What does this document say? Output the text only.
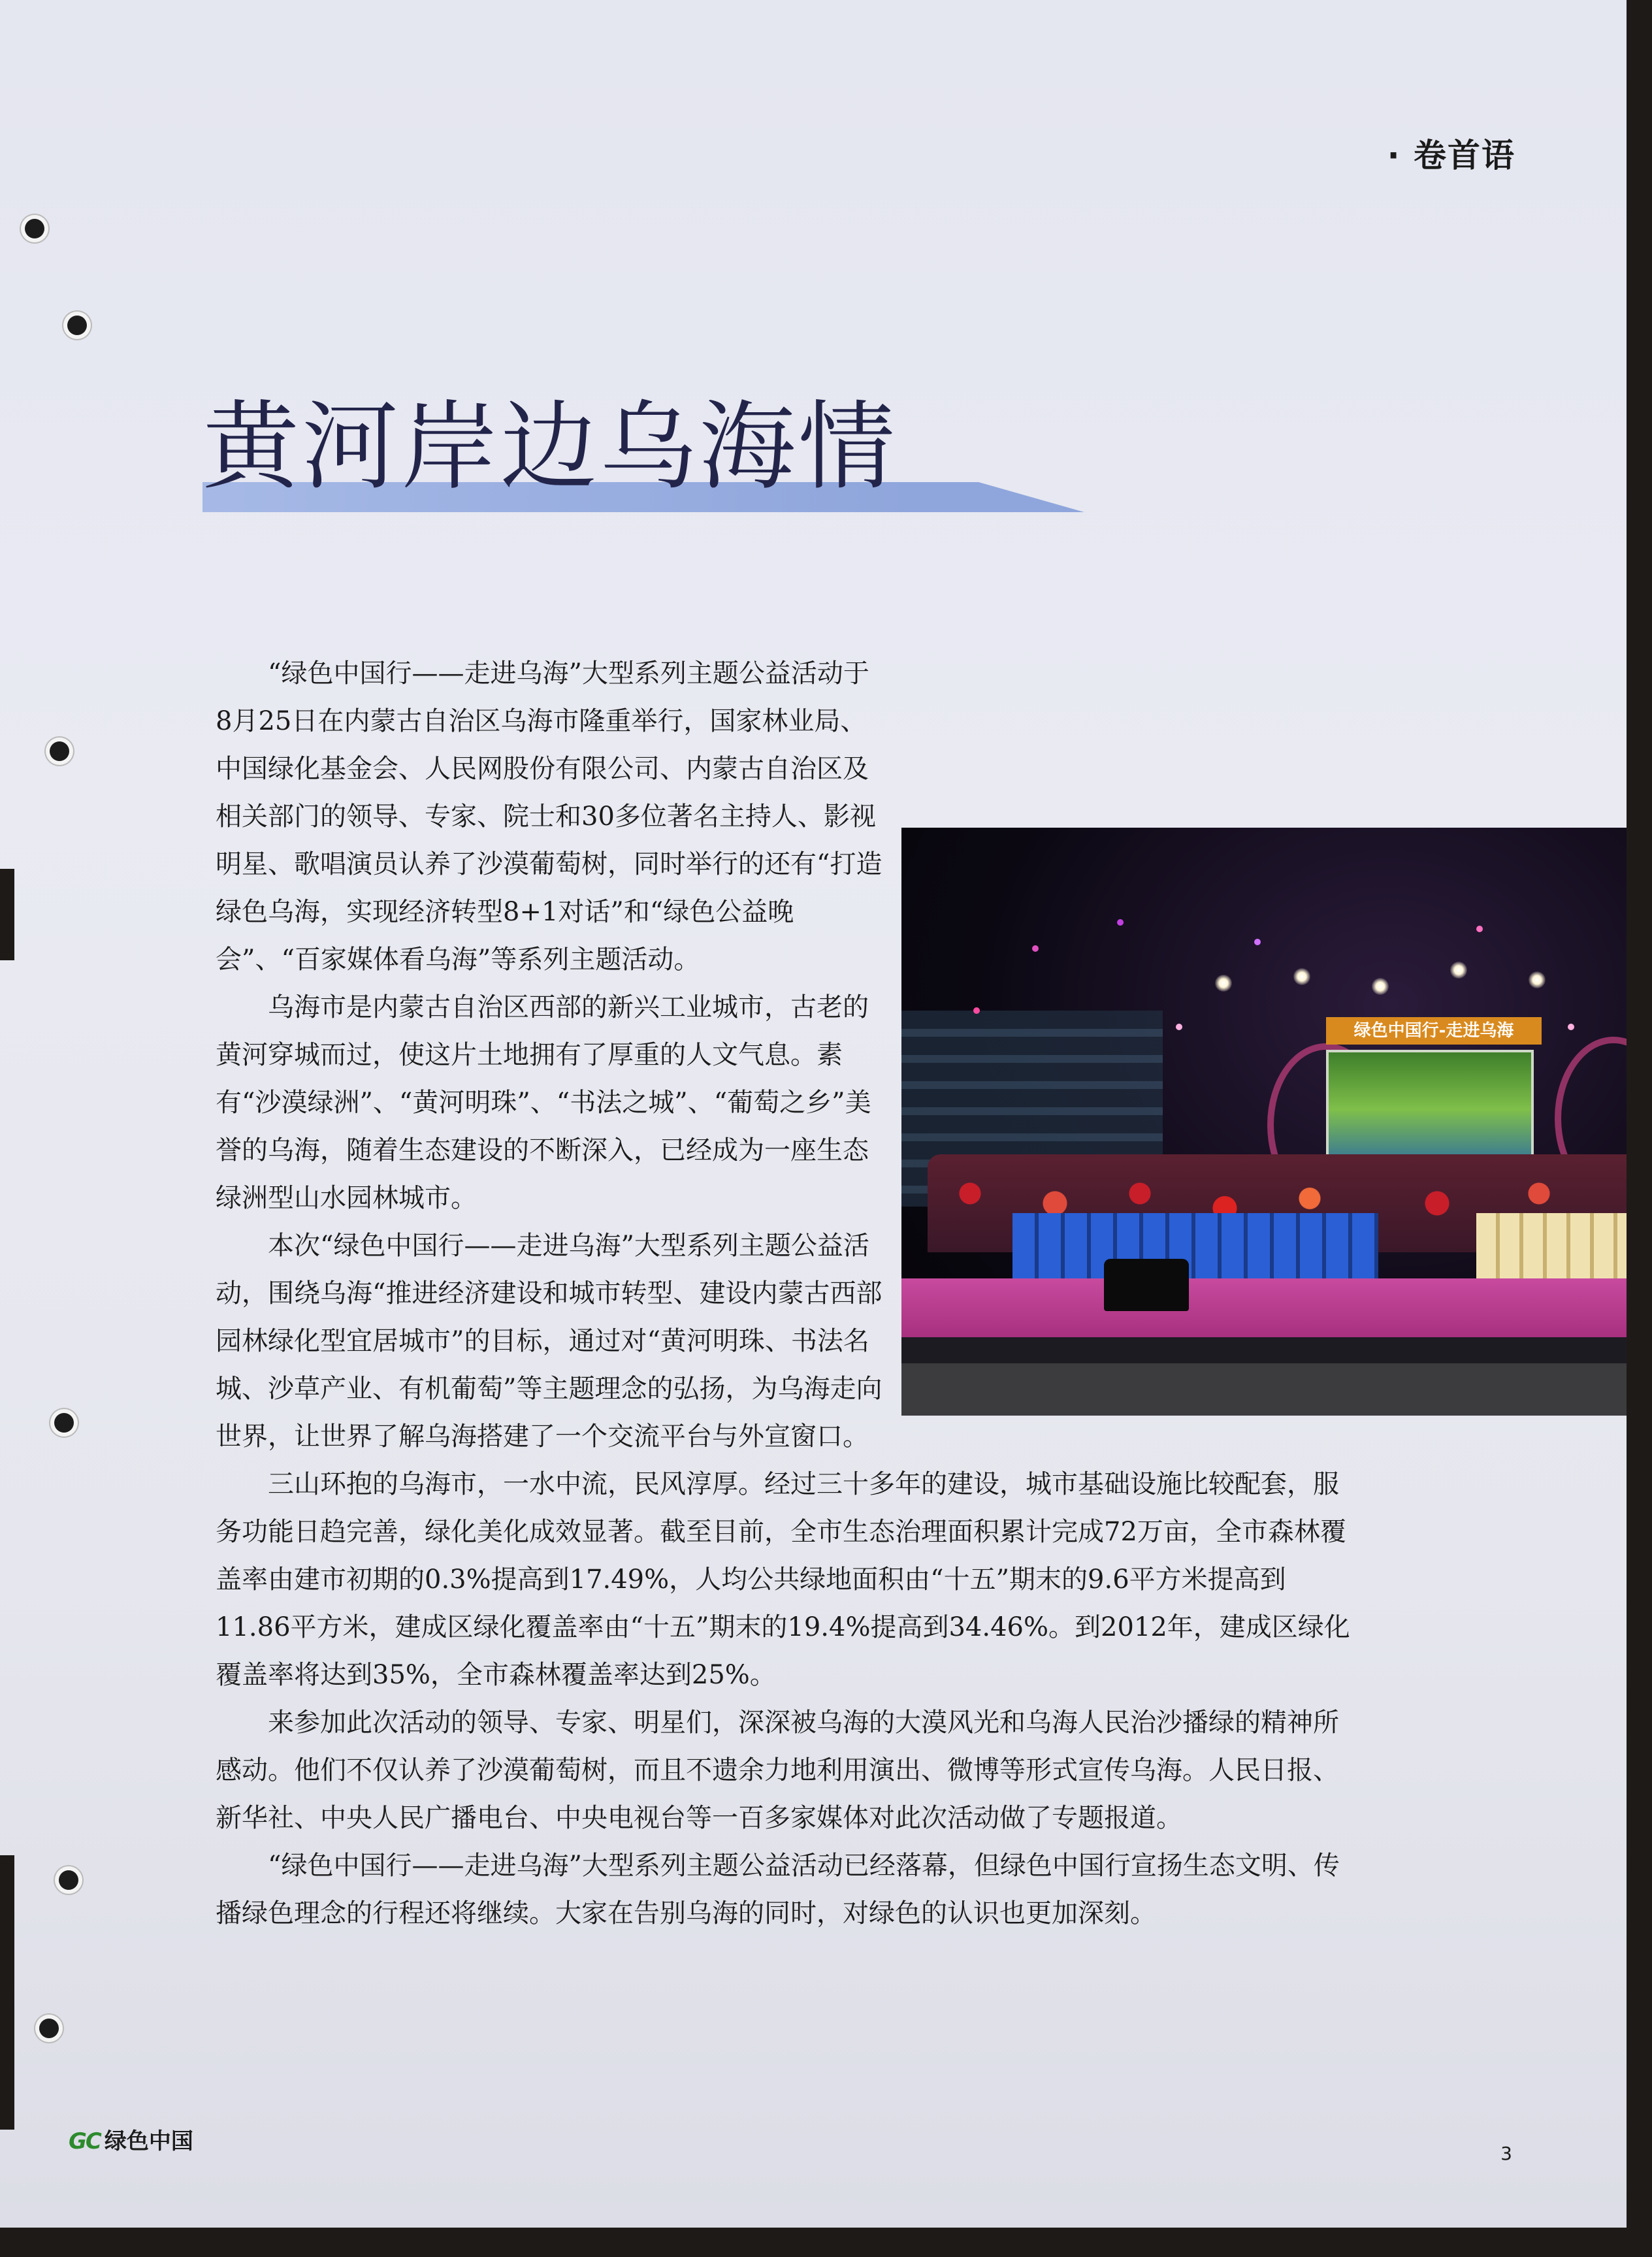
· 卷首语
黄河岸边乌海情
绿色中国行-走进乌海

“绿色中国行——走进乌海”大型系列主题公益活动于8月25日在内蒙古自治区乌海市隆重举行，国家林业局、中国绿化基金会、人民网股份有限公司、内蒙古自治区及相关部门的领导、专家、院士和30多位著名主持人、影视明星、歌唱演员认养了沙漠葡萄树，同时举行的还有“打造绿色乌海，实现经济转型8+1对话”和“绿色公益晚会”、“百家媒体看乌海”等系列主题活动。

乌海市是内蒙古自治区西部的新兴工业城市，古老的黄河穿城而过，使这片土地拥有了厚重的人文气息。素有“沙漠绿洲”、“黄河明珠”、“书法之城”、“葡萄之乡”美誉的乌海，随着生态建设的不断深入，已经成为一座生态绿洲型山水园林城市。

本次“绿色中国行——走进乌海”大型系列主题公益活动，围绕乌海“推进经济建设和城市转型、建设内蒙古西部园林绿化型宜居城市”的目标，通过对“黄河明珠、书法名城、沙草产业、有机葡萄”等主题理念的弘扬，为乌海走向世界，让世界了解乌海搭建了一个交流平台与外宣窗口。

三山环抱的乌海市，一水中流，民风淳厚。经过三十多年的建设，城市基础设施比较配套，服务功能日趋完善，绿化美化成效显著。截至目前，全市生态治理面积累计完成72万亩，全市森林覆盖率由建市初期的0.3%提高到17.49%，人均公共绿地面积由“十五”期末的9.6平方米提高到11.86平方米，建成区绿化覆盖率由“十五”期末的19.4%提高到34.46%。到2012年，建成区绿化覆盖率将达到35%，全市森林覆盖率达到25%。

来参加此次活动的领导、专家、明星们，深深被乌海的大漠风光和乌海人民治沙播绿的精神所感动。他们不仅认养了沙漠葡萄树，而且不遗余力地利用演出、微博等形式宣传乌海。人民日报、新华社、中央人民广播电台、中央电视台等一百多家媒体对此次活动做了专题报道。

“绿色中国行——走进乌海”大型系列主题公益活动已经落幕，但绿色中国行宣扬生态文明、传播绿色理念的行程还将继续。大家在告别乌海的同时，对绿色的认识也更加深刻。

GC 绿色中国	3
